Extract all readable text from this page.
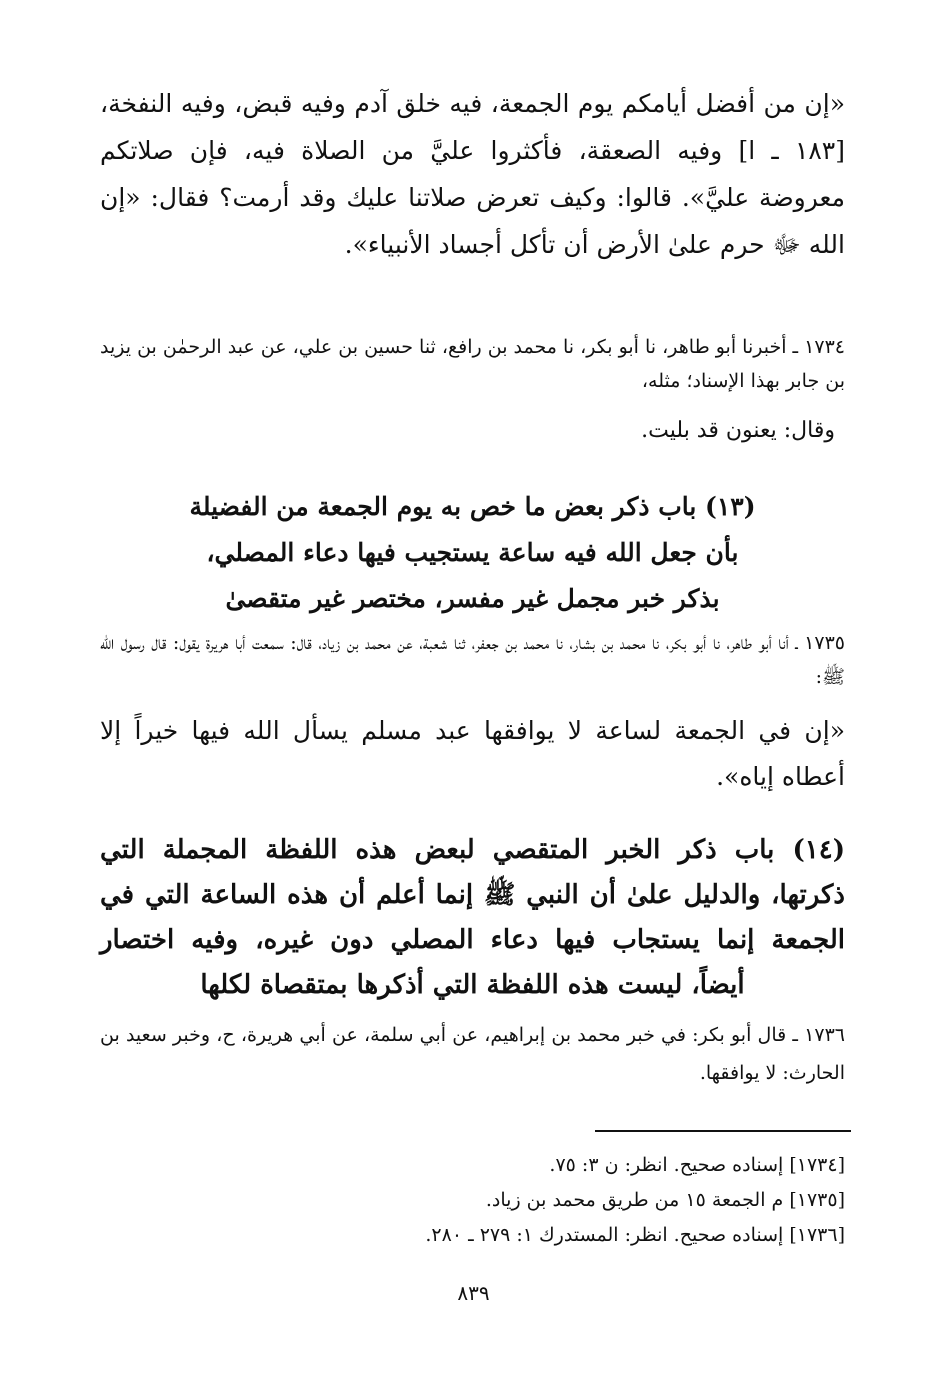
«إن من أفضل أيامكم يوم الجمعة، فيه خلق آدم وفيه قبض، وفيه النفخة، [١٨٣ ـ ا] وفيه الصعقة، فأكثروا عليَّ من الصلاة فيه، فإن صلاتكم معروضة عليَّ». قالوا: وكيف تعرض صلاتنا عليك وقد أرمت؟ فقال: «إن الله ﷻ حرم علىٰ الأرض أن تأكل أجساد الأنبياء».

١٧٣٤ ـ أخبرنا أبو طاهر، نا أبو بكر، نا محمد بن رافع، ثنا حسين بن علي، عن عبد الرحمٰن بن يزيد بن جابر بهذا الإسناد؛ مثله،

وقال: يعنون قد بليت.

(١٣) باب ذكر بعض ما خص به يوم الجمعة من الفضيلة
بأن جعل الله فيه ساعة يستجيب فيها دعاء المصلي،
بذكر خبر مجمل غير مفسر، مختصر غير متقصىٰ

١٧٣٥ ـ أنا أبو طاهر، نا أبو بكر، نا محمد بن بشار، نا محمد بن جعفر، ثنا شعبة، عن محمد بن زياد، قال: سمعت أبا هريرة يقول: قال رسول الله ﷺ:

«إن في الجمعة لساعة لا يوافقها عبد مسلم يسأل الله فيها خيراً إلا أعطاه إياه».

(١٤) باب ذكر الخبر المتقصي لبعض هذه اللفظة المجملة التي
ذكرتها، والدليل علىٰ أن النبي ﷺ إنما أعلم أن هذه الساعة التي في
الجمعة إنما يستجاب فيها دعاء المصلي دون غيره، وفيه اختصار
أيضاً، ليست هذه اللفظة التي أذكرها بمتقصاة لكلها

١٧٣٦ ـ قال أبو بكر: في خبر محمد بن إبراهيم، عن أبي سلمة، عن أبي هريرة، ح، وخبر سعيد بن الحارث: لا يوافقها.

[١٧٣٤] إسناده صحيح. انظر: ن ٣: ٧٥.
[١٧٣٥] م الجمعة ١٥ من طريق محمد بن زياد.
[١٧٣٦] إسناده صحيح. انظر: المستدرك ١: ٢٧٩ ـ ٢٨٠.
٨٣٩
